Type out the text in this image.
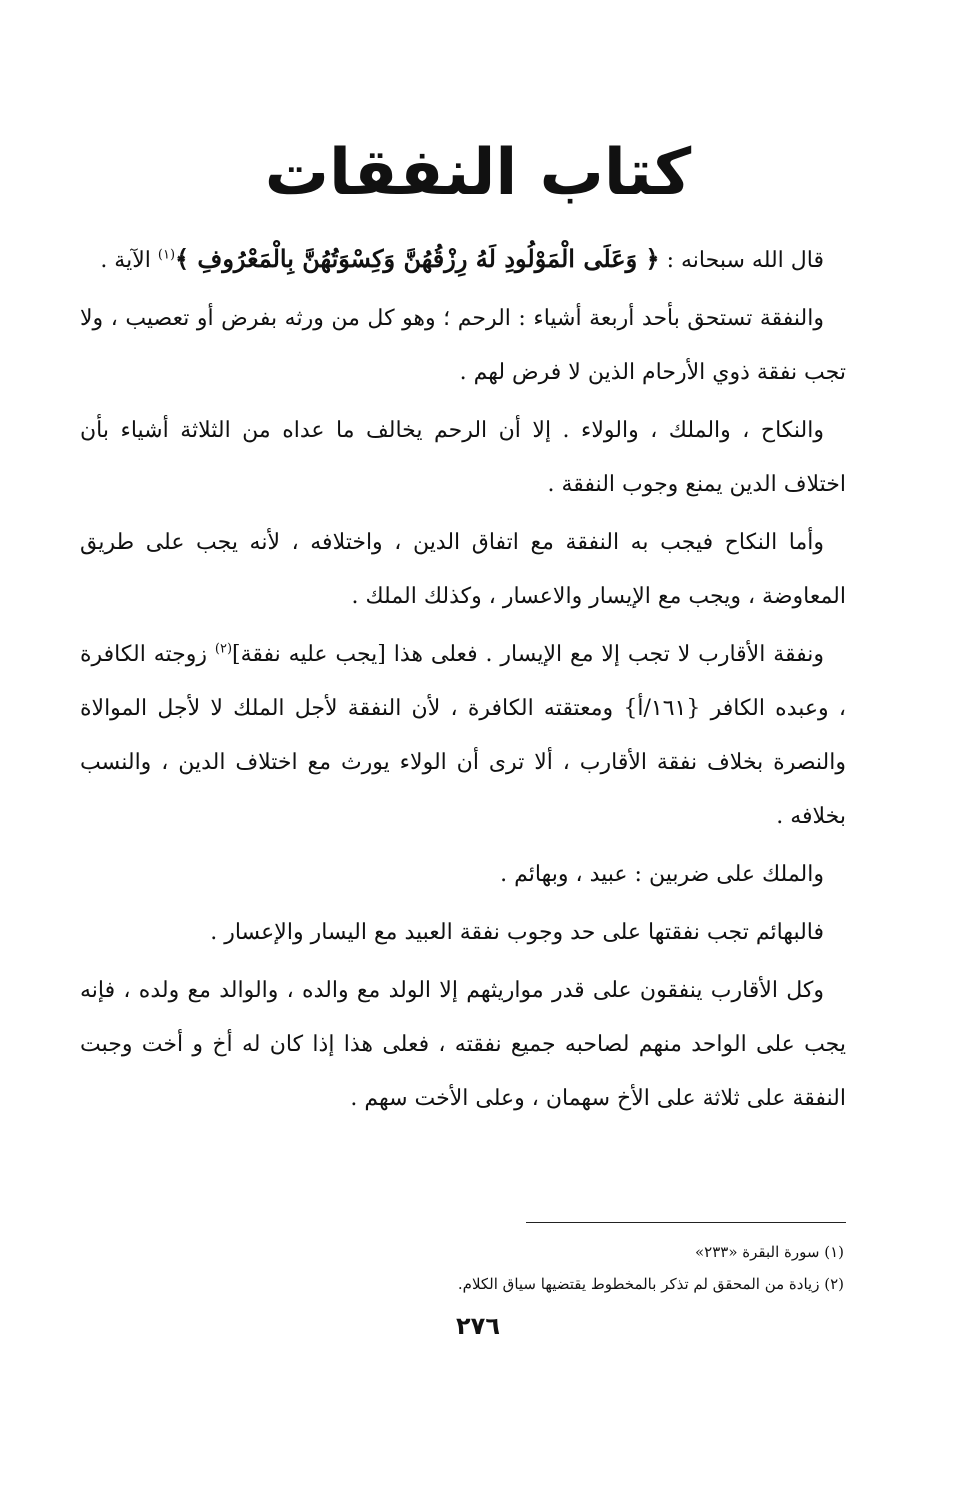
كتاب النفقات

قال الله سبحانه : ﴿ وَعَلَى الْمَوْلُودِ لَهُ رِزْقُهُنَّ وَكِسْوَتُهُنَّ بِالْمَعْرُوفِ ﴾$^{(١)}$ الآية .

والنفقة تستحق بأحد أربعة أشياء : الرحم ؛ وهو كل من ورثه بفرض أو تعصيب ، ولا تجب نفقة ذوي الأرحام الذين لا فرض لهم .

والنكاح ، والملك ، والولاء . إلا أن الرحم يخالف ما عداه من الثلاثة أشياء بأن اختلاف الدين يمنع وجوب النفقة .

وأما النكاح فيجب به النفقة مع اتفاق الدين ، واختلافه ، لأنه يجب على طريق المعاوضة ، ويجب مع الإيسار والاعسار ، وكذلك الملك .

ونفقة الأقارب لا تجب إلا مع الإيسار . فعلى هذا [يجب عليه نفقة]$^{(٢)}$ زوجته الكافرة ، وعبده الكافر {١٦١/أ} ومعتقته الكافرة ، لأن النفقة لأجل الملك لا لأجل الموالاة والنصرة بخلاف نفقة الأقارب ، ألا ترى أن الولاء يورث مع اختلاف الدين ، والنسب بخلافه .

والملك على ضربين : عبيد ، وبهائم .

فالبهائم تجب نفقتها على حد وجوب نفقة العبيد مع اليسار والإعسار .

وكل الأقارب ينفقون على قدر مواريثهم إلا الولد مع والده ، والوالد مع ولده ، فإنه يجب على الواحد منهم لصاحبه جميع نفقته ، فعلى هذا إذا كان له أخ و أخت وجبت النفقة على ثلاثة على الأخ سهمان ، وعلى الأخت سهم .

(١) سورة البقرة «٢٣٣»
(٢) زيادة من المحقق لم تذكر بالمخطوط يقتضيها سياق الكلام.
٢٧٦
